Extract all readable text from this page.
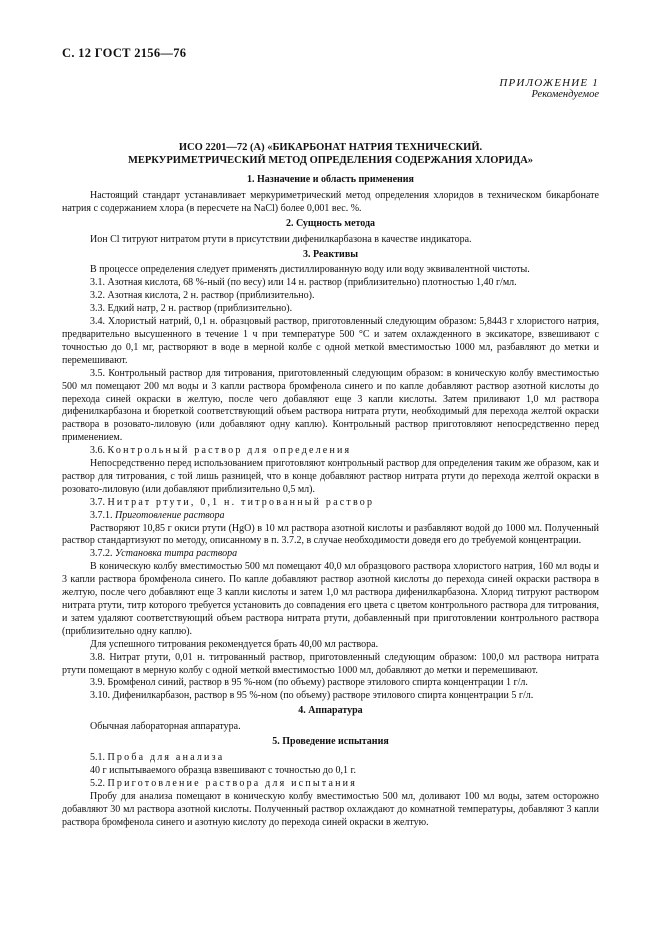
С. 12 ГОСТ 2156—76
ПРИЛОЖЕНИЕ 1
Рекомендуемое
ИСО 2201—72 (А) «БИКАРБОНАТ НАТРИЯ ТЕХНИЧЕСКИЙ.
МЕРКУРИМЕТРИЧЕСКИЙ МЕТОД ОПРЕДЕЛЕНИЯ СОДЕРЖАНИЯ ХЛОРИДА»

1. Назначение и область применения

Настоящий стандарт устанавливает меркуриметрический метод определения хлоридов в техническом бикарбонате натрия с содержанием хлора (в пересчете на NaCl) более 0,001 вес. %.

2. Сущность метода

Ион Cl титруют нитратом ртути в присутствии дифенилкарбазона в качестве индикатора.

3. Реактивы

В процессе определения следует применять дистиллированную воду или воду эквивалентной чистоты.

3.1. Азотная кислота, 68 %-ный (по весу) или 14 н. раствор (приблизительно) плотностью 1,40 г/мл.

3.2. Азотная кислота, 2 н. раствор (приблизительно).

3.3. Едкий натр, 2 н. раствор (приблизительно).

3.4. Хлористый натрий, 0,1 н. образцовый раствор, приготовленный следующим образом: 5,8443 г хлористого натрия, предварительно высушенного в течение 1 ч при температуре 500 °С и затем охлажденного в эксикаторе, взвешивают с точностью до 0,1 мг, растворяют в воде в мерной колбе с одной меткой вместимостью 1000 мл, разбавляют до метки и перемешивают.

3.5. Контрольный раствор для титрования, приготовленный следующим образом: в коническую колбу вместимостью 500 мл помещают 200 мл воды и 3 капли раствора бромфенола синего и по капле добавляют раствор азотной кислоты до перехода синей окраски в желтую, после чего добавляют еще 3 капли кислоты. Затем приливают 1,0 мл раствора дифенилкарбазона и бюреткой соответствующий объем раствора нитрата ртути, необходимый для перехода желтой окраски раствора в розовато-лиловую (или добавляют одну каплю). Контрольный раствор приготовляют непосредственно перед применением.

3.6. Контрольный раствор для определения

Непосредственно перед использованием приготовляют контрольный раствор для определения таким же образом, как и раствор для титрования, с той лишь разницей, что в конце добавляют раствор нитрата ртути до перехода желтой окраски в розовато-лиловую (или добавляют приблизительно 0,5 мл).

3.7. Нитрат ртути, 0,1 н. титрованный раствор

3.7.1. Приготовление раствора

Растворяют 10,85 г окиси ртути (HgO) в 10 мл раствора азотной кислоты и разбавляют водой до 1000 мл. Полученный раствор стандартизуют по методу, описанному в п. 3.7.2, в случае необходимости доведя его до требуемой концентрации.

3.7.2. Установка титра раствора

В коническую колбу вместимостью 500 мл помещают 40,0 мл образцового раствора хлористого натрия, 160 мл воды и 3 капли раствора бромфенола синего. По капле добавляют раствор азотной кислоты до перехода синей окраски раствора в желтую, после чего добавляют еще 3 капли кислоты и затем 1,0 мл раствора дифенилкарбазона. Хлорид титруют раствором нитрата ртути, титр которого требуется установить до совпадения его цвета с цветом контрольного раствора для титрования, и затем удаляют соответствующий объем раствора нитрата ртути, добавленный при приготовлении контрольного раствора (приблизительно одну каплю).

Для успешного титрования рекомендуется брать 40,00 мл раствора.

3.8. Нитрат ртути, 0,01 н. титрованный раствор, приготовленный следующим образом: 100,0 мл раствора нитрата ртути помещают в мерную колбу с одной меткой вместимостью 1000 мл, добавляют до метки и перемешивают.

3.9. Бромфенол синий, раствор в 95 %-ном (по объему) растворе этилового спирта концентрации 1 г/л.

3.10. Дифенилкарбазон, раствор в 95 %-ном (по объему) растворе этилового спирта концентрации 5 г/л.

4. Аппаратура

Обычная лабораторная аппаратура.

5. Проведение испытания

5.1. Проба для анализа

40 г испытываемого образца взвешивают с точностью до 0,1 г.

5.2. Приготовление раствора для испытания

Пробу для анализа помещают в коническую колбу вместимостью 500 мл, доливают 100 мл воды, затем осторожно добавляют 30 мл раствора азотной кислоты. Полученный раствор охлаждают до комнатной температуры, добавляют 3 капли раствора бромфенола синего и азотную кислоту до перехода синей окраски в желтую.
